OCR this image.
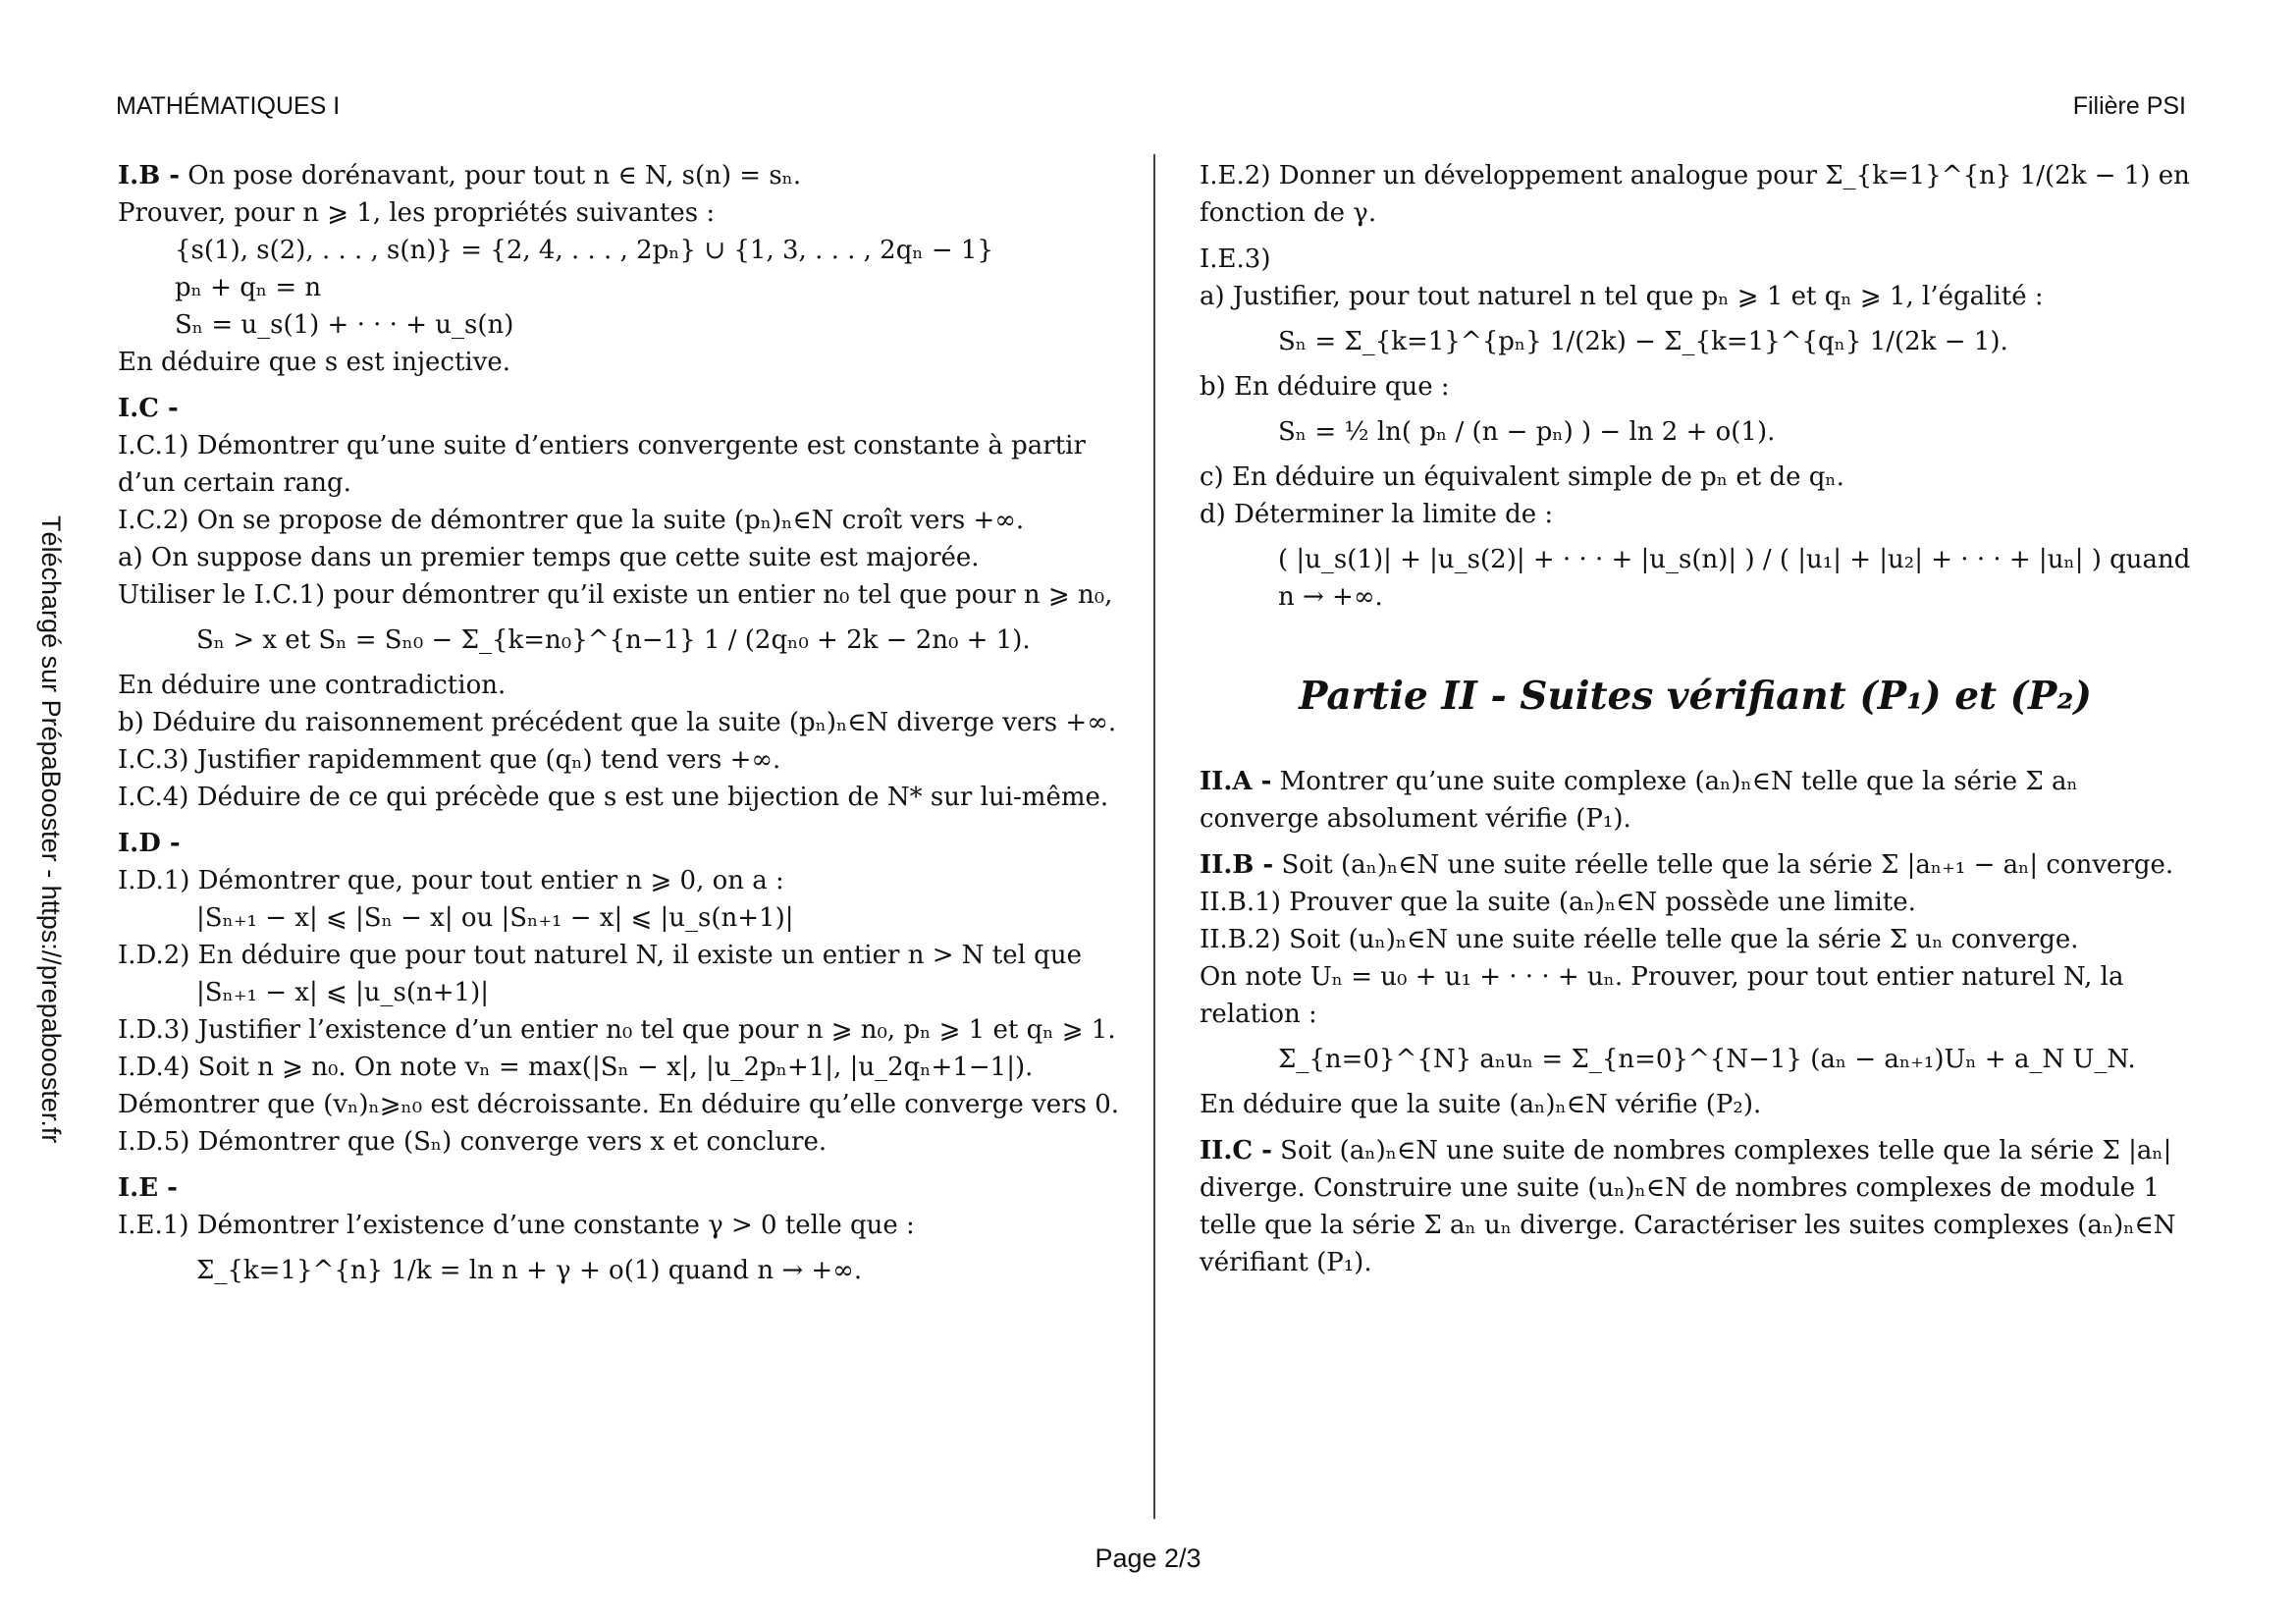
MATHÉMATIQUES I	Filière PSI
Téléchargé sur PrépaBooster - https://prepabooster.fr
I.B - On pose dorénavant, pour tout n ∈ N, s(n) = sₙ.
Prouver, pour n ⩾ 1, les propriétés suivantes :
{s(1), s(2), . . . , s(n)} = {2, 4, . . . , 2pₙ} ∪ {1, 3, . . . , 2qₙ − 1}
pₙ + qₙ = n
Sₙ = u_s(1) + · · · + u_s(n)
En déduire que s est injective.
I.C -
I.C.1) Démontrer qu’une suite d’entiers convergente est constante à partir d’un certain rang.
I.C.2) On se propose de démontrer que la suite (pₙ)ₙ∈N croît vers +∞.
a) On suppose dans un premier temps que cette suite est majorée.
Utiliser le I.C.1) pour démontrer qu’il existe un entier n₀ tel que pour n ⩾ n₀,
Sₙ > x et Sₙ = Sₙ₀ − Σ_{k=n₀}^{n−1} 1 / (2qₙ₀ + 2k − 2n₀ + 1).
En déduire une contradiction.
b) Déduire du raisonnement précédent que la suite (pₙ)ₙ∈N diverge vers +∞.
I.C.3) Justifier rapidemment que (qₙ) tend vers +∞.
I.C.4) Déduire de ce qui précède que s est une bijection de N* sur lui-même.
I.D -
I.D.1) Démontrer que, pour tout entier n ⩾ 0, on a :
|Sₙ₊₁ − x| ⩽ |Sₙ − x| ou |Sₙ₊₁ − x| ⩽ |u_s(n+1)|
I.D.2) En déduire que pour tout naturel N, il existe un entier n > N tel que
|Sₙ₊₁ − x| ⩽ |u_s(n+1)|
I.D.3) Justifier l’existence d’un entier n₀ tel que pour n ⩾ n₀, pₙ ⩾ 1 et qₙ ⩾ 1.
I.D.4) Soit n ⩾ n₀. On note vₙ = max(|Sₙ − x|, |u_2pₙ+1|, |u_2qₙ+1−1|).
Démontrer que (vₙ)ₙ⩾ₙ₀ est décroissante. En déduire qu’elle converge vers 0.
I.D.5) Démontrer que (Sₙ) converge vers x et conclure.
I.E -
I.E.1) Démontrer l’existence d’une constante γ > 0 telle que :
Σ_{k=1}^{n} 1/k = ln n + γ + o(1) quand n → +∞.
I.E.2) Donner un développement analogue pour Σ_{k=1}^{n} 1/(2k − 1) en fonction de γ.
I.E.3)
a) Justifier, pour tout naturel n tel que pₙ ⩾ 1 et qₙ ⩾ 1, l’égalité :
Sₙ = Σ_{k=1}^{pₙ} 1/(2k) − Σ_{k=1}^{qₙ} 1/(2k − 1).
b) En déduire que :
Sₙ = ½ ln( pₙ / (n − pₙ) ) − ln 2 + o(1).
c) En déduire un équivalent simple de pₙ et de qₙ.
d) Déterminer la limite de :
( |u_s(1)| + |u_s(2)| + · · · + |u_s(n)| ) / ( |u₁| + |u₂| + · · · + |uₙ| ) quand n → +∞.
Partie II - Suites vérifiant (P₁) et (P₂)
II.A - Montrer qu’une suite complexe (aₙ)ₙ∈N telle que la série Σ aₙ converge absolument vérifie (P₁).
II.B - Soit (aₙ)ₙ∈N une suite réelle telle que la série Σ |aₙ₊₁ − aₙ| converge.
II.B.1) Prouver que la suite (aₙ)ₙ∈N possède une limite.
II.B.2) Soit (uₙ)ₙ∈N une suite réelle telle que la série Σ uₙ converge.
On note Uₙ = u₀ + u₁ + · · · + uₙ. Prouver, pour tout entier naturel N, la relation :
Σ_{n=0}^{N} aₙuₙ = Σ_{n=0}^{N−1} (aₙ − aₙ₊₁)Uₙ + a_N U_N.
En déduire que la suite (aₙ)ₙ∈N vérifie (P₂).
II.C - Soit (aₙ)ₙ∈N une suite de nombres complexes telle que la série Σ |aₙ| diverge. Construire une suite (uₙ)ₙ∈N de nombres complexes de module 1 telle que la série Σ aₙ uₙ diverge. Caractériser les suites complexes (aₙ)ₙ∈N vérifiant (P₁).
Page 2/3
